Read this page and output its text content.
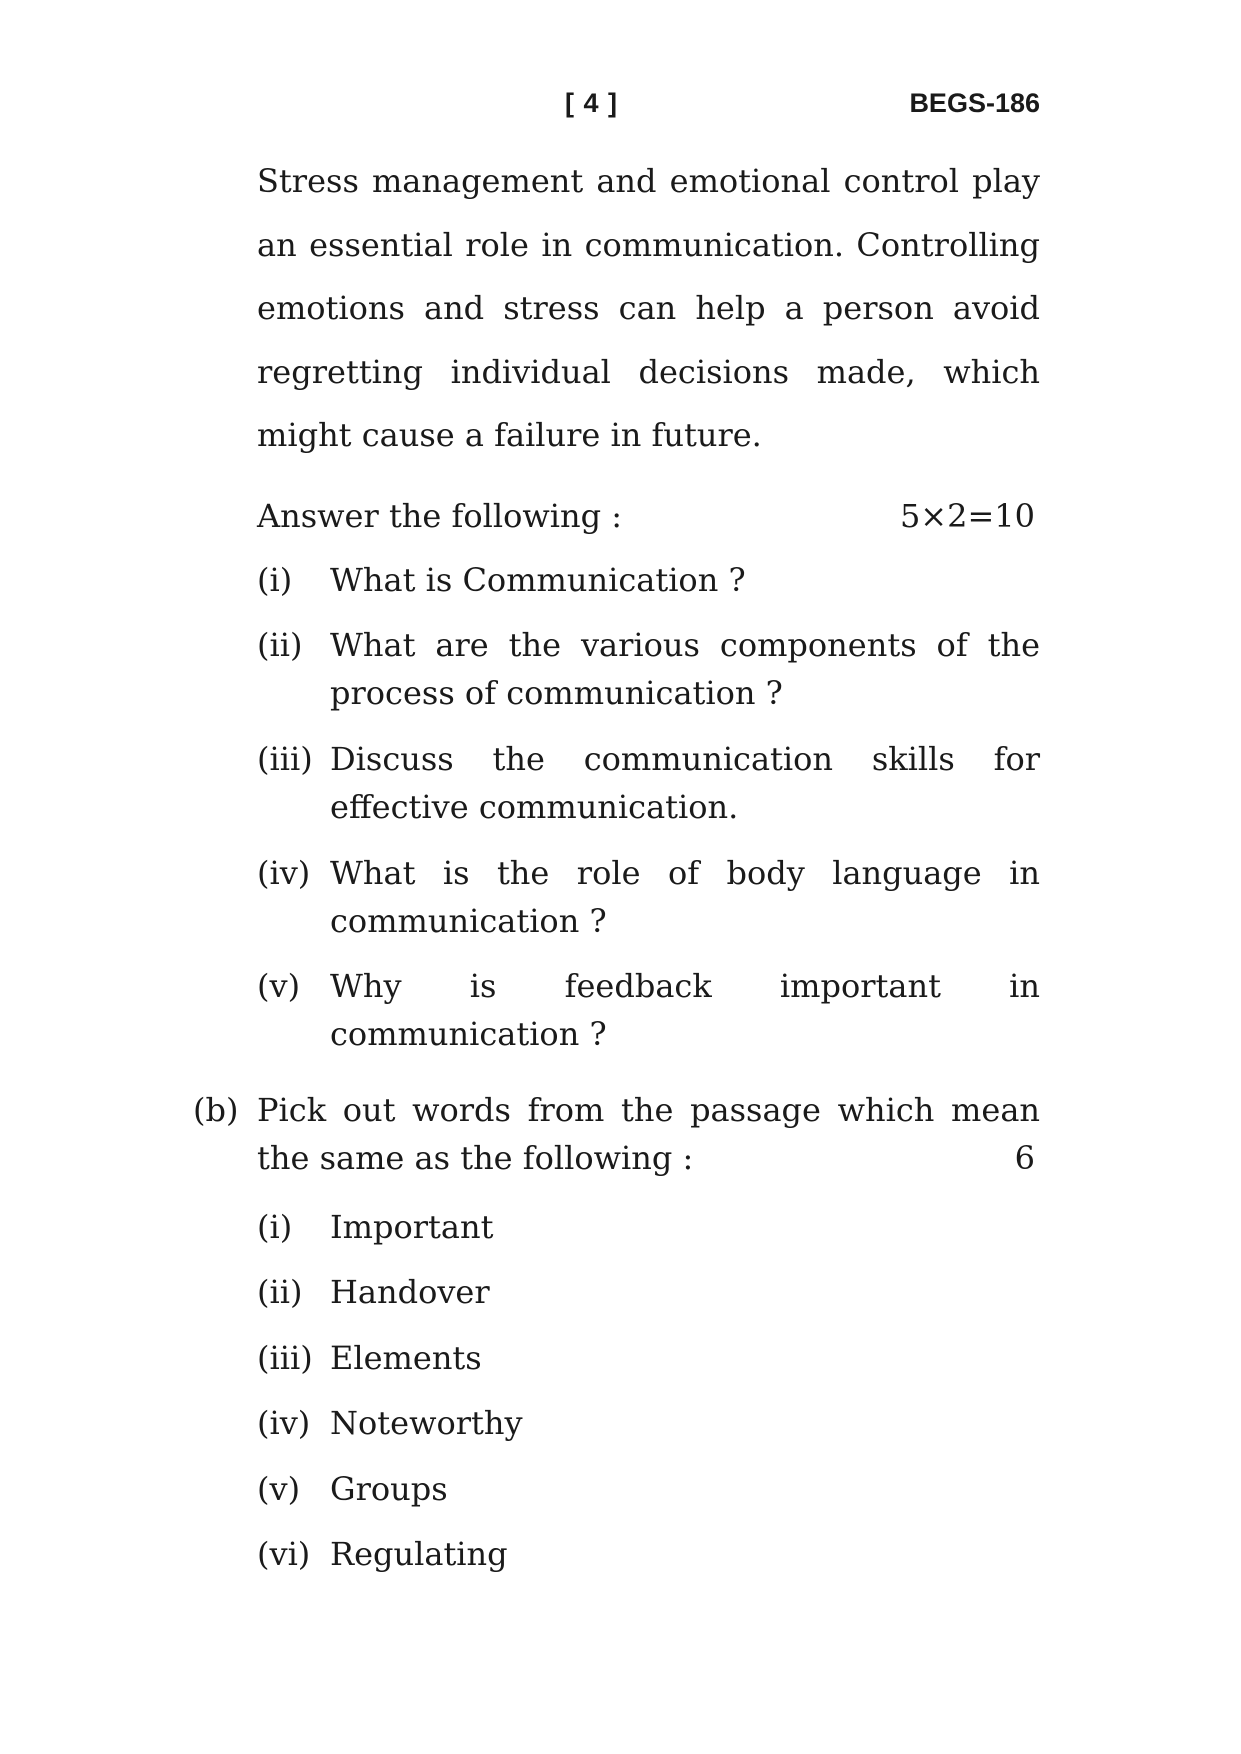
[ 4 ]	BEGS-186
Stress management and emotional control play an essential role in communication. Controlling emotions and stress can help a person avoid regretting individual decisions made, which might cause a failure in future.
Answer the following :	5×2=10
(i)	What is Communication ?
(ii) What are the various components of the process of communication ?
(iii) Discuss the communication skills for effective communication.
(iv) What is the role of body language in communication ?
(v) Why is feedback important in communication ?
(b) Pick out words from the passage which mean
the same as the following :	6
(i)	Important
(ii) Handover
(iii) Elements
(iv) Noteworthy
(v) Groups
(vi) Regulating
